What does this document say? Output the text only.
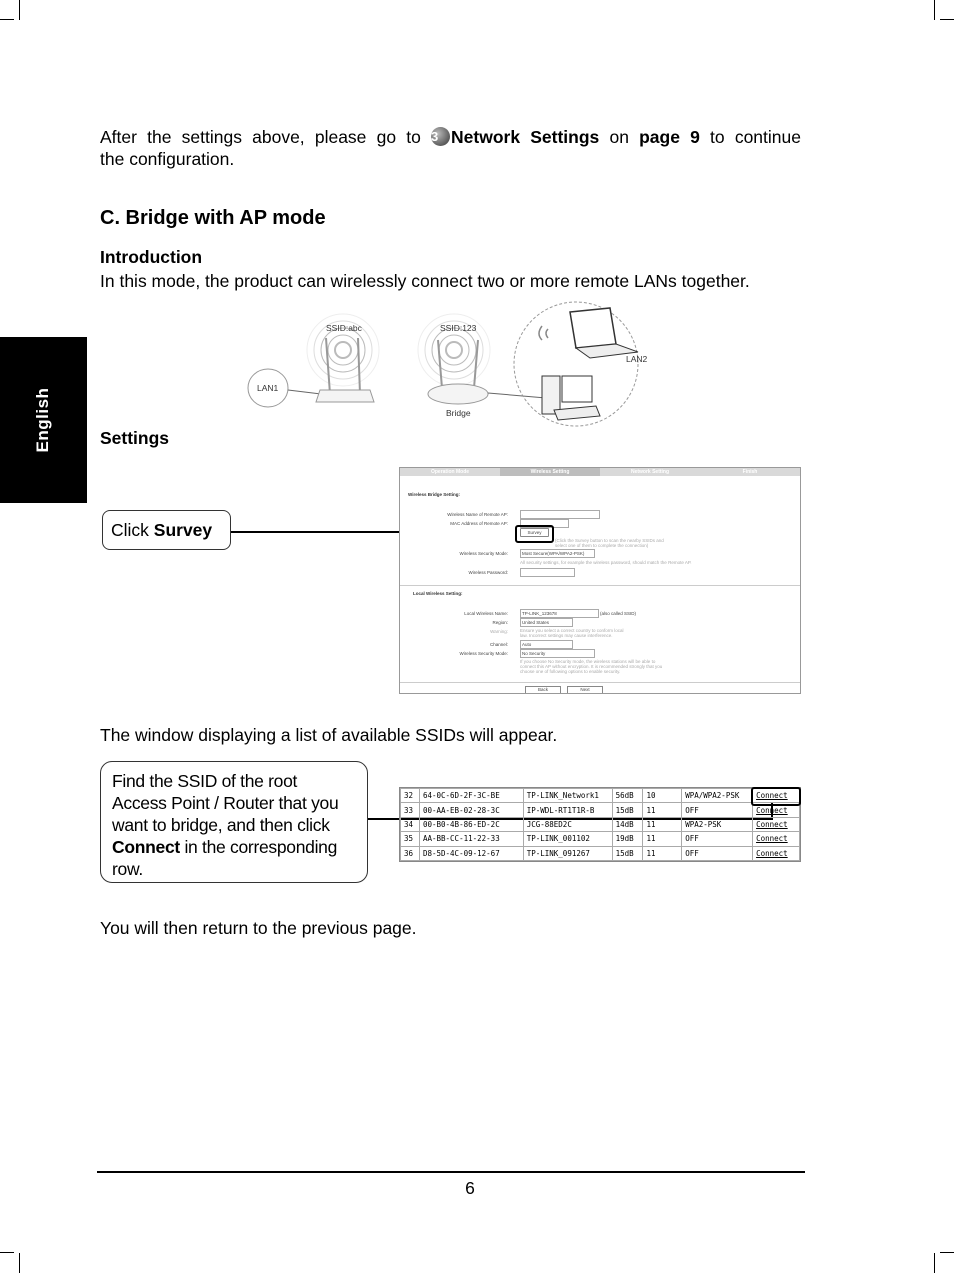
English

After the settings above, please go to 3 Network Settings on page 9 to continue

the configuration.

C. Bridge with AP mode

Introduction

In this mode, the product can wirelessly connect two or more remote LANs together.

SSID:abc	SSID:123
LAN1
LAN2
Bridge
Settings
Click Survey
Operation Mode	Wireless Setting	Network Setting	Finish
Wireless Bridge Setting:
Wireless Name of Remote AP:
MAC Address of Remote AP:
Survey
(Click the Survey button to scan the nearby SSIDs and select one of them to complete the connection)
Wireless Security Mode:	Most Secure(WPA/WPA2-PSK)
All security settings, for example the wireless password, should match the Remote AP.
Wireless Password:
Local Wireless Setting:
Local Wireless Name:	TP-LINK_123678	(also called SSID)
Region:	United States
Warning:	Ensure you select a correct country to conform local law. Incorrect settings may cause interference.
Channel:	Auto
Wireless Security Mode:	No Security
If you choose No Security mode, the wireless stations will be able to connect this AP without encryption. It is recommended strongly that you choose one of following options to enable security.
Back	Next

The window displaying a list of available SSIDs will appear.

Find the SSID of the root
Access Point / Router that you
want to bridge, and then click
Connect in the corresponding
row.
32	64-0C-6D-2F-3C-BE	TP-LINK_Network1	56dB	10	WPA/WPA2-PSK	Connect
33	00-AA-EB-02-28-3C	IP-WDL-RT1T1R-B	15dB	11	OFF	Connect
34	00-B0-4B-86-ED-2C	JCG-88ED2C	14dB	11	WPA2-PSK	Connect
35	AA-BB-CC-11-22-33	TP-LINK_001102	19dB	11	OFF	Connect
36	D8-5D-4C-09-12-67	TP-LINK_091267	15dB	11	OFF	Connect

You will then return to the previous page.

6
